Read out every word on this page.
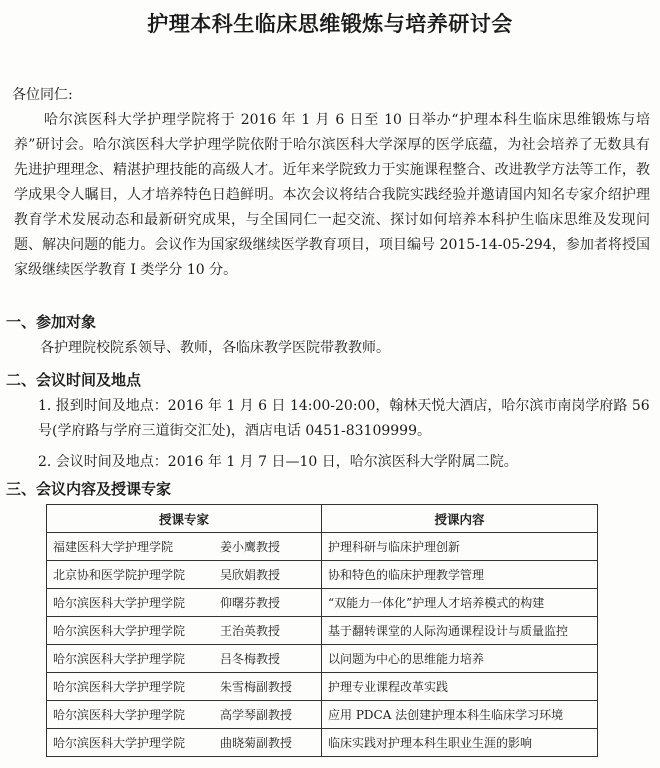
护理本科生临床思维锻炼与培养研讨会
各位同仁:

哈尔滨医科大学护理学院将于 2016 年 1 月 6 日至 10 日举办“护理本科生临床思维锻炼与培养”研讨会。哈尔滨医科大学护理学院依附于哈尔滨医科大学深厚的医学底蕴，为社会培养了无数具有先进护理理念、精湛护理技能的高级人才。近年来学院致力于实施课程整合、改进教学方法等工作，教学成果令人瞩目，人才培养特色日趋鲜明。本次会议将结合我院实践经验并邀请国内知名专家介绍护理教育学术发展动态和最新研究成果，与全国同仁一起交流、探讨如何培养本科护生临床思维及发现问题、解决问题的能力。会议作为国家级继续医学教育项目，项目编号 2015-14-05-294，参加者将授国家级继续医学教育 I 类学分 10 分。

一、参加对象

各护理院校院系领导、教师，各临床教学医院带教教师。

二、会议时间及地点

1. 报到时间及地点：2016 年 1 月 6 日 14:00-20:00，翰林天悦大酒店，哈尔滨市南岗学府路 56 号(学府路与学府三道街交汇处)，酒店电话 0451-83109999。

2. 会议时间及地点：2016 年 1 月 7 日—10 日，哈尔滨医科大学附属二院。

三、会议内容及授课专家
授课专家		授课内容
福建医科大学护理学院	姜小鹰教授	护理科研与临床护理创新
北京协和医学院护理学院	吴欣娟教授	协和特色的临床护理教学管理
哈尔滨医科大学护理学院	仰曙芬教授	“双能力一体化”护理人才培养模式的构建
哈尔滨医科大学护理学院	王治英教授	基于翻转课堂的人际沟通课程设计与质量监控
哈尔滨医科大学护理学院	吕冬梅教授	以问题为中心的思维能力培养
哈尔滨医科大学护理学院	朱雪梅副教授	护理专业课程改革实践
哈尔滨医科大学护理学院	高学琴副教授	应用 PDCA 法创建护理本科生临床学习环境
哈尔滨医科大学护理学院	曲晓菊副教授	临床实践对护理本科生职业生涯的影响
